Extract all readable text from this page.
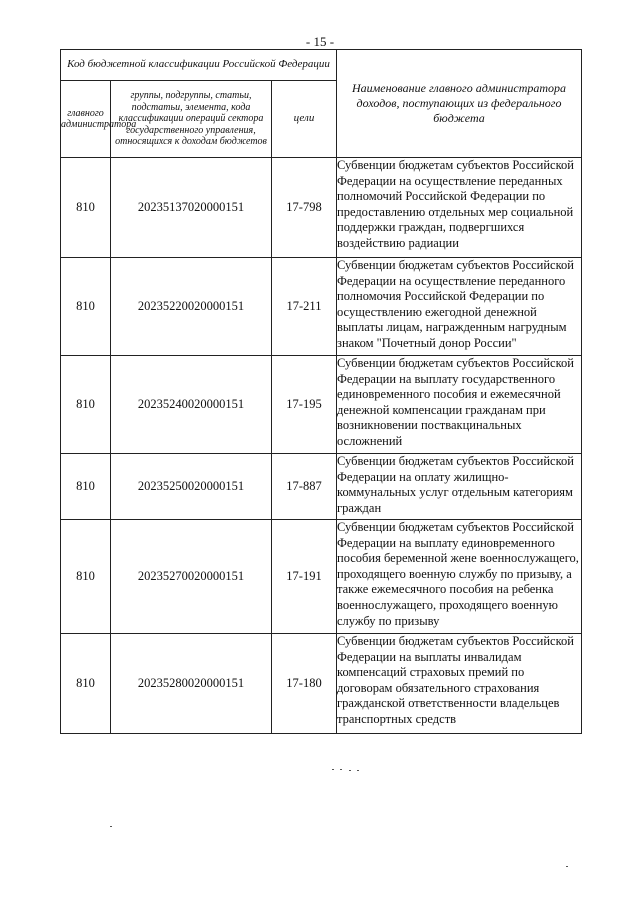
- 15 -
Код бюджетной классификации Российской Федерации			Наименование главного администратора доходов, поступающих из федерального бюджета
главного администратора	группы, подгруппы, статьи, подстатьи, элемента, кода классификации операций сектора государственного управления, относящихся к доходам бюджетов	цели	
810	20235137020000151	17-798	Субвенции бюджетам субъектов Российской Федерации на осуществление переданных полномочий Российской Федерации по предоставлению отдельных мер социальной поддержки граждан, подвергшихся воздействию радиации
810	20235220020000151	17-211	Субвенции бюджетам субъектов Российской Федерации на осуществление переданного полномочия Российской Федерации по осуществлению ежегодной денежной выплаты лицам, награжденным нагрудным знаком "Почетный донор России"
810	20235240020000151	17-195	Субвенции бюджетам субъектов Российской Федерации на выплату государственного единовременного пособия и ежемесячной денежной компенсации гражданам при возникновении поствакцинальных осложнений
810	20235250020000151	17-887	Субвенции бюджетам субъектов Российской Федерации на оплату жилищно-коммунальных услуг отдельным категориям граждан
810	20235270020000151	17-191	Субвенции бюджетам субъектов Российской Федерации на выплату единовременного пособия беременной жене военнослужащего, проходящего военную службу по призыву, а также ежемесячного пособия на ребенка военнослужащего, проходящего военную службу по призыву
810	20235280020000151	17-180	Субвенции бюджетам субъектов Российской Федерации на выплаты инвалидам компенсаций страховых премий по договорам обязательного страхования гражданской ответственности владельцев транспортных средств
